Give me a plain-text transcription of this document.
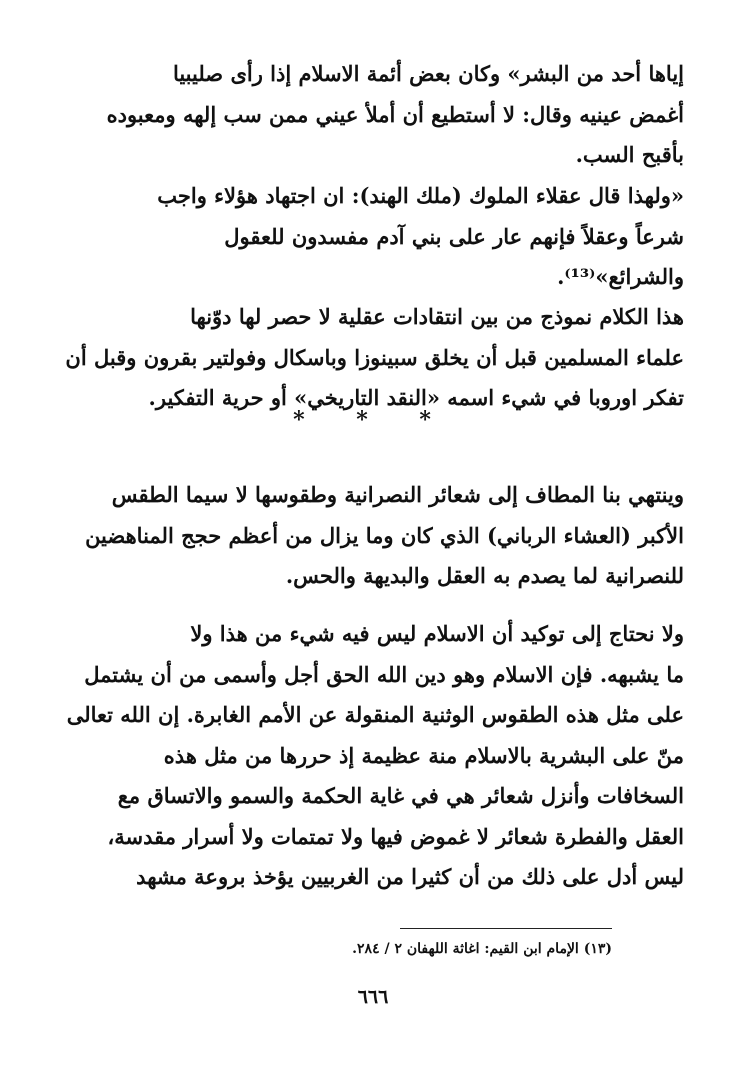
إياها أحد من البشر» وكان بعض أئمة الاسلام إذا رأى صليبيا
أغمض عينيه وقال: لا أستطيع أن أملأ عيني ممن سب إلهه ومعبوده
بأقبح السب.
«ولهذا قال عقلاء الملوك (ملك الهند): ان اجتهاد هؤلاء واجب
شرعاً وعقلاً فإنهم عار على بني آدم مفسدون للعقول
والشرائع»⁽¹³⁾.
هذا الكلام نموذج من بين انتقادات عقلية لا حصر لها دوّنها
علماء المسلمين قبل أن يخلق سبينوزا وباسكال وفولتير بقرون وقبل أن
تفكر اوروبا في شيء اسمه «النقد التاريخي» أو حرية التفكير.
* * *
وينتهي بنا المطاف إلى شعائر النصرانية وطقوسها لا سيما الطقس
الأكبر (العشاء الرباني) الذي كان وما يزال من أعظم حجج المناهضين
للنصرانية لما يصدم به العقل والبديهة والحس.
ولا نحتاج إلى توكيد أن الاسلام ليس فيه شيء من هذا ولا
ما يشبهه. فإن الاسلام وهو دين الله الحق أجل وأسمى من أن يشتمل
على مثل هذه الطقوس الوثنية المنقولة عن الأمم الغابرة. إن الله تعالى
منّ على البشرية بالاسلام منة عظيمة إذ حررها من مثل هذه
السخافات وأنزل شعائر هي في غاية الحكمة والسمو والاتساق مع
العقل والفطرة شعائر لا غموض فيها ولا تمتمات ولا أسرار مقدسة،
ليس أدل على ذلك من أن كثيرا من الغربيين يؤخذ بروعة مشهد
(١٣) الإمام ابن القيم: اغاثة اللهفان ٢ / ٢٨٤.
٦٦٦
